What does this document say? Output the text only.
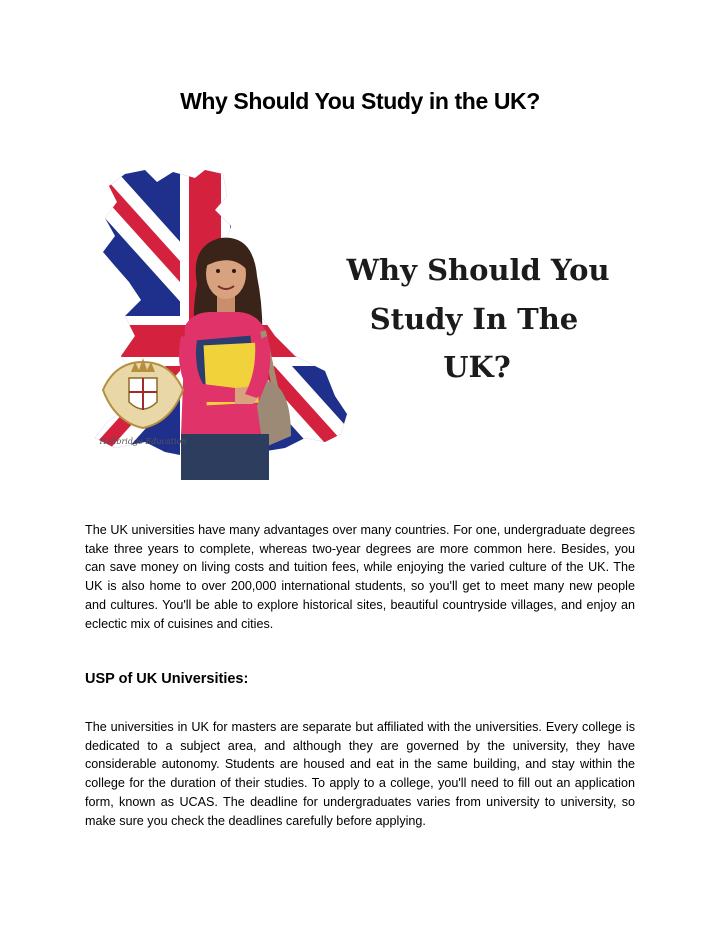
Why Should You Study in the UK?
Hallbridge Education
Why Should You
Study In The
UK?

The UK universities have many advantages over many countries. For one, undergraduate degrees take three years to complete, whereas two-year degrees are more common here. Besides, you can save money on living costs and tuition fees, while enjoying the varied culture of the UK. The UK is also home to over 200,000 international students, so you'll get to meet many new people and cultures. You'll be able to explore historical sites, beautiful countryside villages, and enjoy an eclectic mix of cuisines and cities.

USP of UK Universities:

The universities in UK for masters are separate but affiliated with the universities. Every college is dedicated to a subject area, and although they are governed by the university, they have considerable autonomy. Students are housed and eat in the same building, and stay within the college for the duration of their studies. To apply to a college, you'll need to fill out an application form, known as UCAS. The deadline for undergraduates varies from university to university, so make sure you check the deadlines carefully before applying.
